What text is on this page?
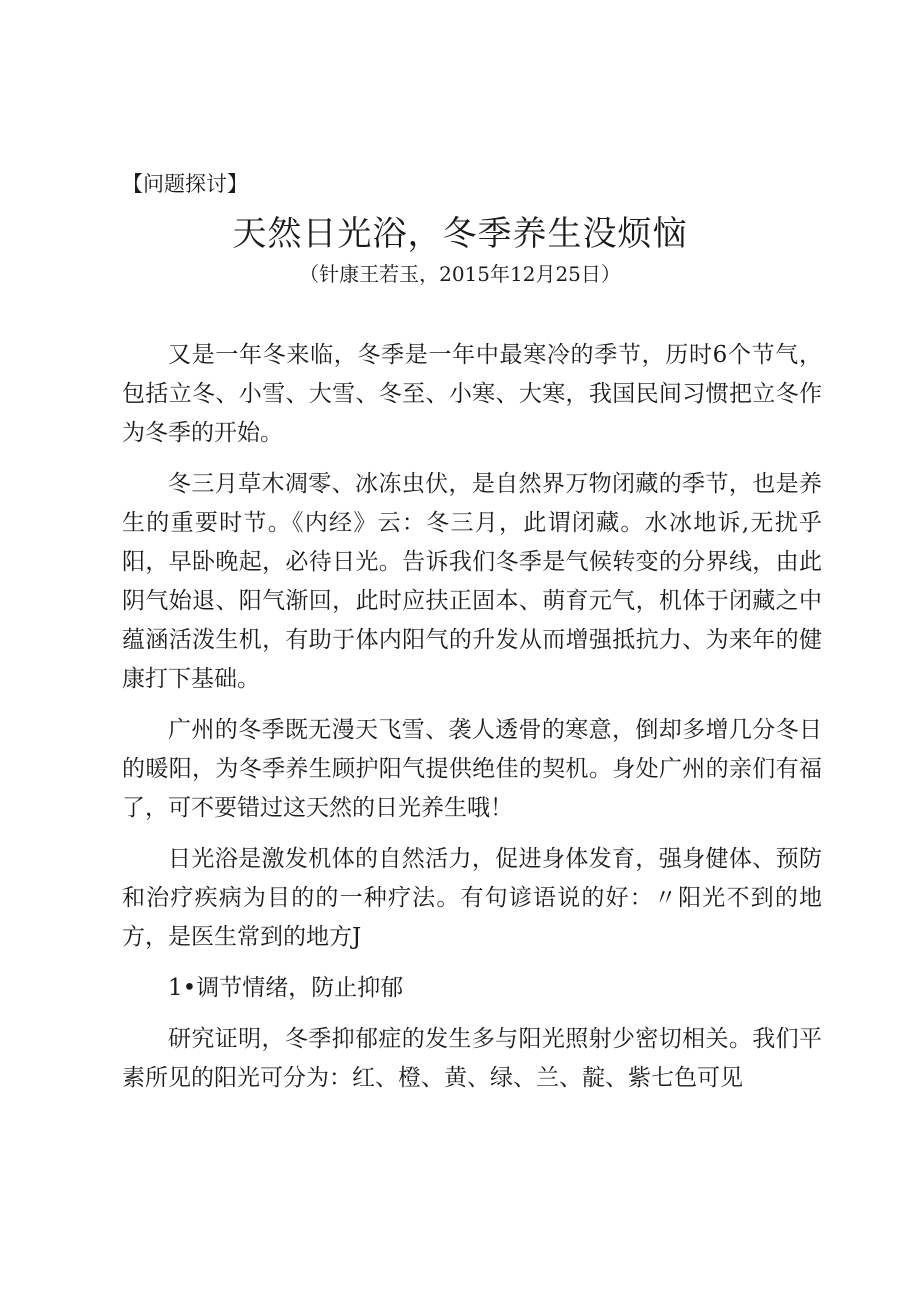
【问题探讨】
天然日光浴，冬季养生没烦恼
（针康王若玉，2015年12月25日）

又是一年冬来临，冬季是一年中最寒冷的季节，历时6个节气，包括立冬、小雪、大雪、冬至、小寒、大寒，我国民间习惯把立冬作为冬季的开始。

冬三月草木凋零、冰冻虫伏，是自然界万物闭藏的季节，也是养生的重要时节。《内经》云：冬三月，此谓闭藏。水冰地诉,无扰乎阳，早卧晚起，必待日光。告诉我们冬季是气候转变的分界线，由此阴气始退、阳气渐回，此时应扶正固本、萌育元气，机体于闭藏之中蕴涵活泼生机，有助于体内阳气的升发从而增强抵抗力、为来年的健康打下基础。

广州的冬季既无漫天飞雪、袭人透骨的寒意，倒却多增几分冬日的暖阳，为冬季养生顾护阳气提供绝佳的契机。身处广州的亲们有福了，可不要错过这天然的日光养生哦！

日光浴是激发机体的自然活力，促进身体发育，强身健体、预防和治疗疾病为目的的一种疗法。有句谚语说的好：〃阳光不到的地方，是医生常到的地方J

1•调节情绪，防止抑郁

研究证明，冬季抑郁症的发生多与阳光照射少密切相关。我们平素所见的阳光可分为：红、橙、黄、绿、兰、靛、紫七色可见
